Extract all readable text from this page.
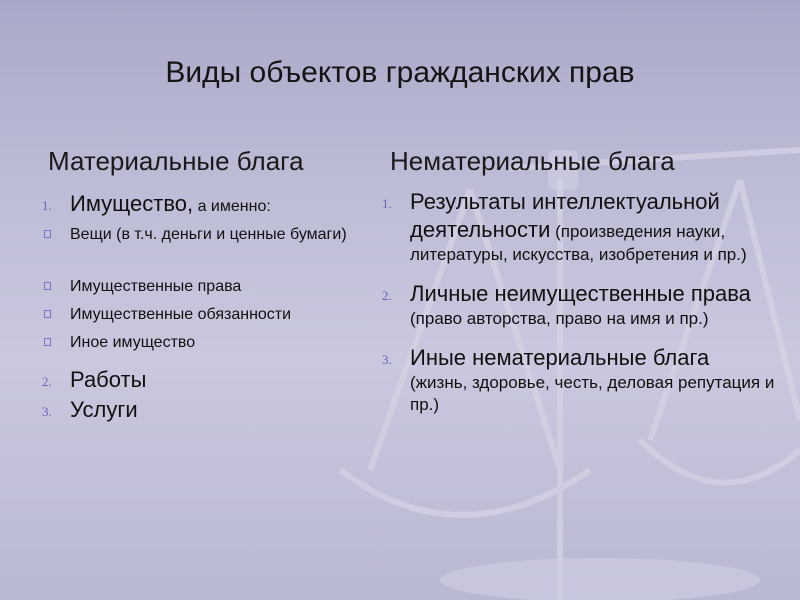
Виды объектов гражданских прав
Материальные блага	Нематериальные блага
1. Имущество, а именно:
Вещи (в т.ч. деньги и ценные бумаги)
Имущественные права
Имущественные обязанности
Иное имущество
2. Работы
3. Услуги
1. Результаты интеллектуальной деятельности (произведения науки, литературы, искусства, изобретения и пр.)
2. Личные неимущественные права (право авторства, право на имя и пр.)
3. Иные нематериальные блага
(жизнь, здоровье, честь, деловая репутация и пр.)
